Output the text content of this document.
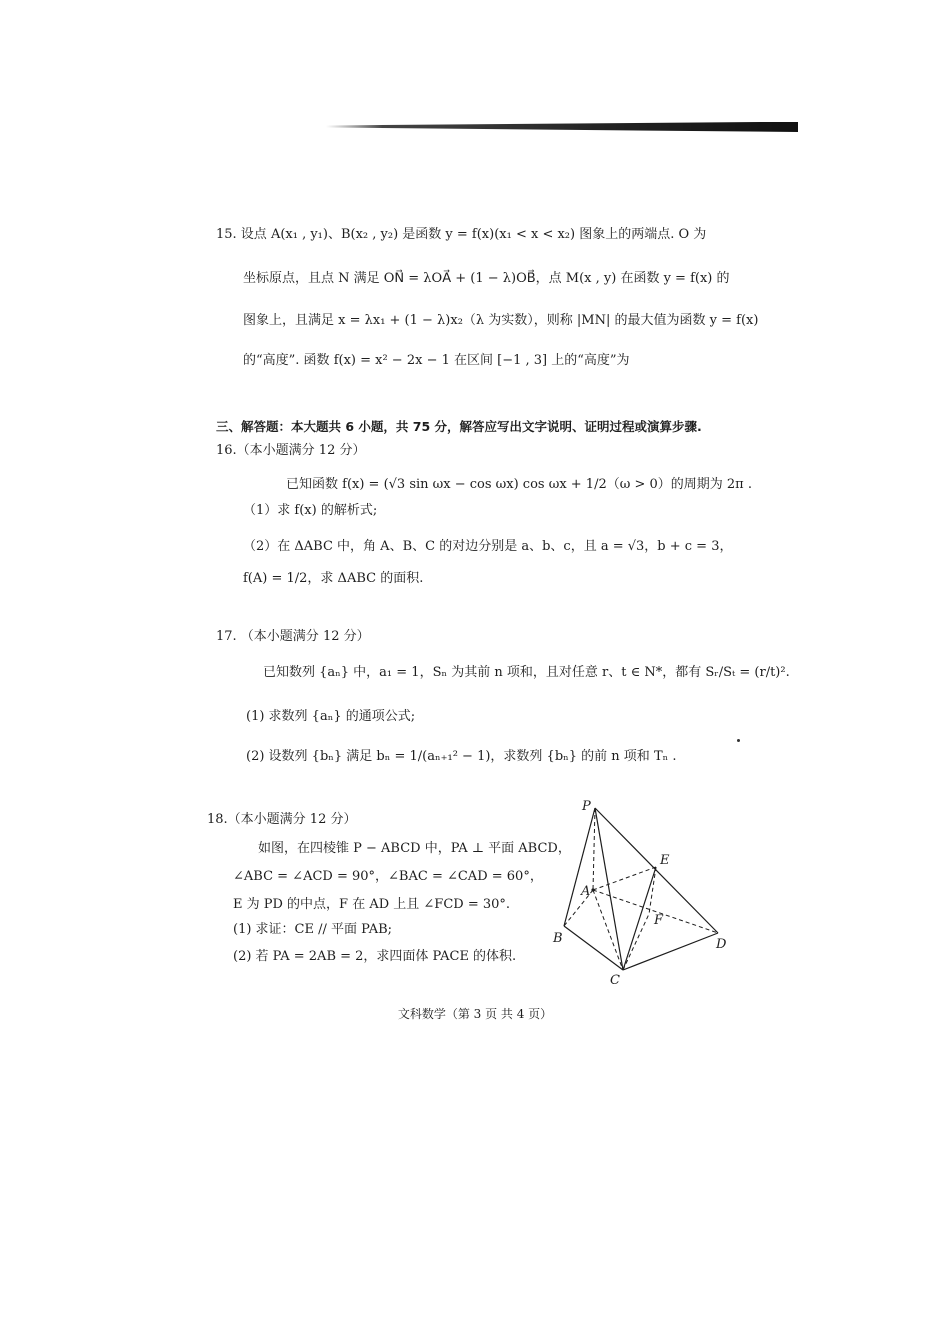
15. 设点 A(x₁ , y₁)、B(x₂ , y₂) 是函数 y = f(x)(x₁ < x < x₂) 图象上的两端点. O 为
坐标原点，且点 N 满足 ON⃗ = λOA⃗ + (1 − λ)OB⃗，点 M(x , y) 在函数 y = f(x) 的
图象上，且满足 x = λx₁ + (1 − λ)x₂（λ 为实数），则称 |MN| 的最大值为函数 y = f(x)
的“高度”. 函数 f(x) = x² − 2x − 1 在区间 [−1 , 3] 上的“高度”为
三、解答题：本大题共 6 小题，共 75 分，解答应写出文字说明、证明过程或演算步骤.
16.（本小题满分 12 分）
已知函数 f(x) = (√3 sin ωx − cos ωx) cos ωx + 1/2（ω > 0）的周期为 2π .
（1）求 f(x) 的解析式;
（2）在 ΔABC 中，角 A、B、C 的对边分别是 a、b、c，且 a = √3，b + c = 3，
f(A) = 1/2，求 ΔABC 的面积.
17. （本小题满分 12 分）
已知数列 {aₙ} 中，a₁ = 1，Sₙ 为其前 n 项和，且对任意 r、t ∈ N*，都有 Sᵣ/Sₜ = (r/t)².
(1) 求数列 {aₙ} 的通项公式;
(2) 设数列 {bₙ} 满足 bₙ = 1/(aₙ₊₁² − 1)，求数列 {bₙ} 的前 n 项和 Tₙ .
18.（本小题满分 12 分）
如图，在四棱锥 P − ABCD 中，PA ⊥ 平面 ABCD，
∠ABC = ∠ACD = 90°，∠BAC = ∠CAD = 60°，
E 为 PD 的中点，F 在 AD 上且 ∠FCD = 30°.
(1) 求证：CE // 平面 PAB;
(2) 若 PA = 2AB = 2，求四面体 PACE 的体积.
P
E
A
F
B	D
C
文科数学（第 3 页 共 4 页）
